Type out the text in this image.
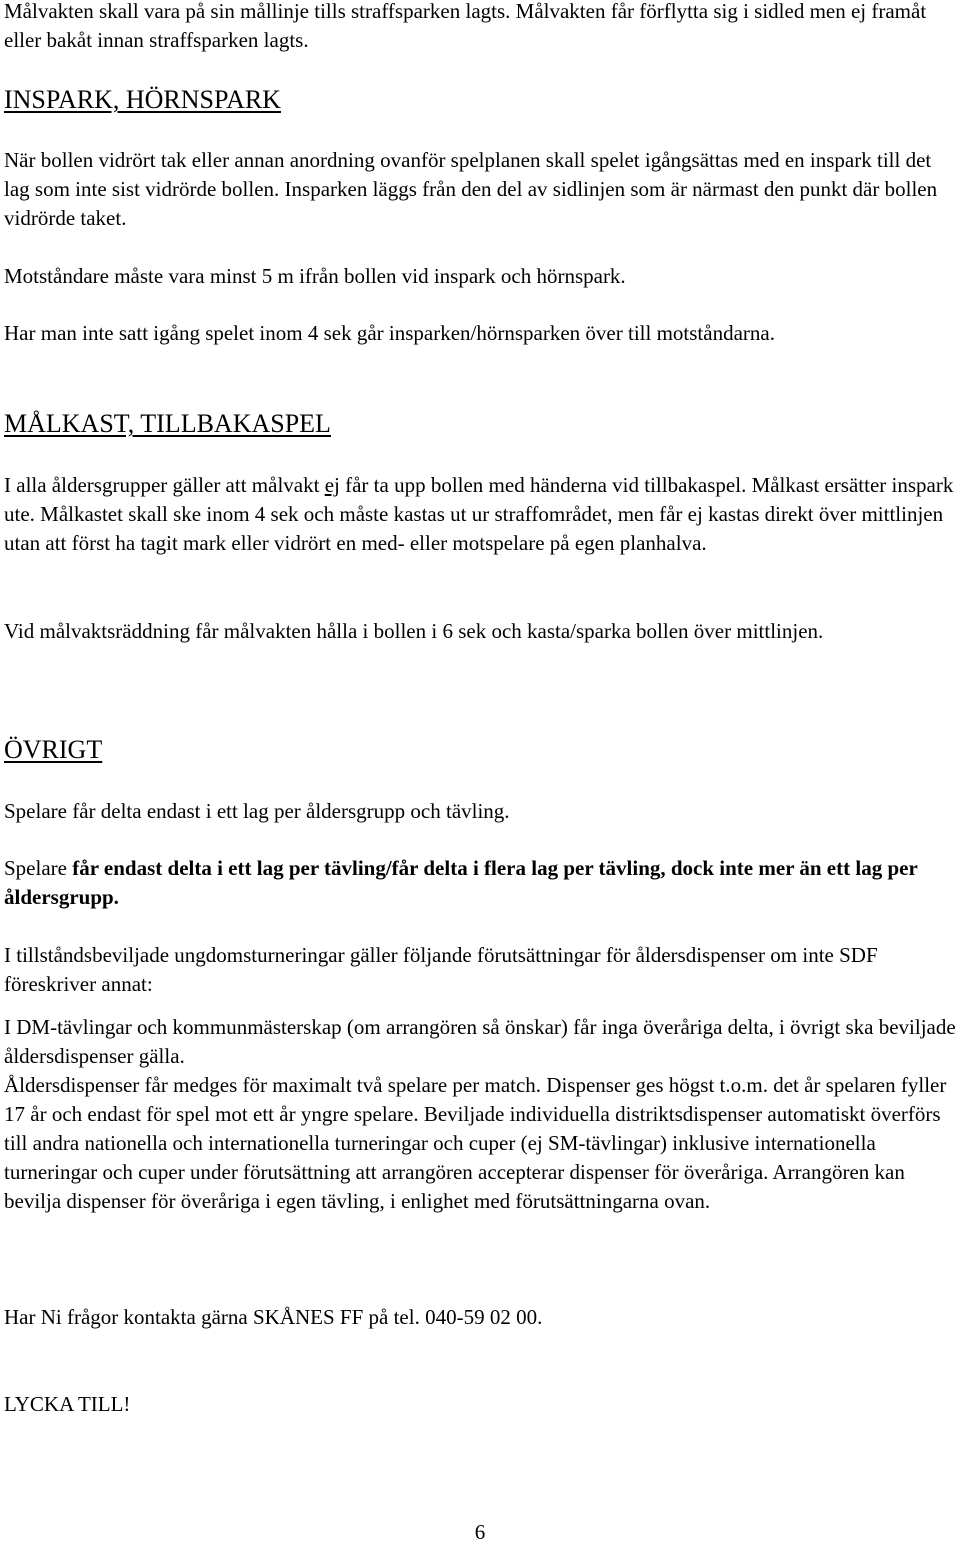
Målvakten skall vara på sin mållinje tills straffsparken lagts. Målvakten får förflytta sig i sidled men ej framåt eller bakåt innan straffsparken lagts.

INSPARK, HÖRNSPARK

När bollen vidrört tak eller annan anordning ovanför spelplanen skall spelet igångsättas med en inspark till det lag som inte sist vidrörde bollen. Insparken läggs från den del av sidlinjen som är närmast den punkt där bollen vidrörde taket.

Motståndare måste vara minst 5 m ifrån bollen vid inspark och hörnspark.

Har man inte satt igång spelet inom 4 sek går insparken/hörnsparken över till motståndarna.

MÅLKAST, TILLBAKASPEL

I alla åldersgrupper gäller att målvakt ej får ta upp bollen med händerna vid tillbakaspel. Målkast ersätter inspark ute. Målkastet skall ske inom 4 sek och måste kastas ut ur straffområdet, men får ej kastas direkt över mittlinjen utan att först ha tagit mark eller vidrört en med- eller motspelare på egen planhalva.

Vid målvaktsräddning får målvakten hålla i bollen i 6 sek och kasta/sparka bollen över mittlinjen.

ÖVRIGT

Spelare får delta endast i ett lag per åldersgrupp och tävling.

Spelare får endast delta i ett lag per tävling/får delta i flera lag per tävling, dock inte mer än ett lag per åldersgrupp.

I tillståndsbeviljade ungdomsturneringar gäller följande förutsättningar för åldersdispenser om inte SDF föreskriver annat:

I DM-tävlingar och kommunmästerskap (om arrangören så önskar) får inga överåriga delta, i övrigt ska beviljade åldersdispenser gälla.

Åldersdispenser får medges för maximalt två spelare per match. Dispenser ges högst t.o.m. det år spelaren fyller 17 år och endast för spel mot ett år yngre spelare. Beviljade individuella distriktsdispenser automatiskt överförs till andra nationella och internationella turneringar och cuper (ej SM-tävlingar) inklusive internationella turneringar och cuper under förutsättning att arrangören accepterar dispenser för överåriga. Arrangören kan bevilja dispenser för överåriga i egen tävling, i enlighet med förutsättningarna ovan.

Har Ni frågor kontakta gärna SKÅNES FF på tel. 040-59 02 00.

LYCKA TILL!

6
